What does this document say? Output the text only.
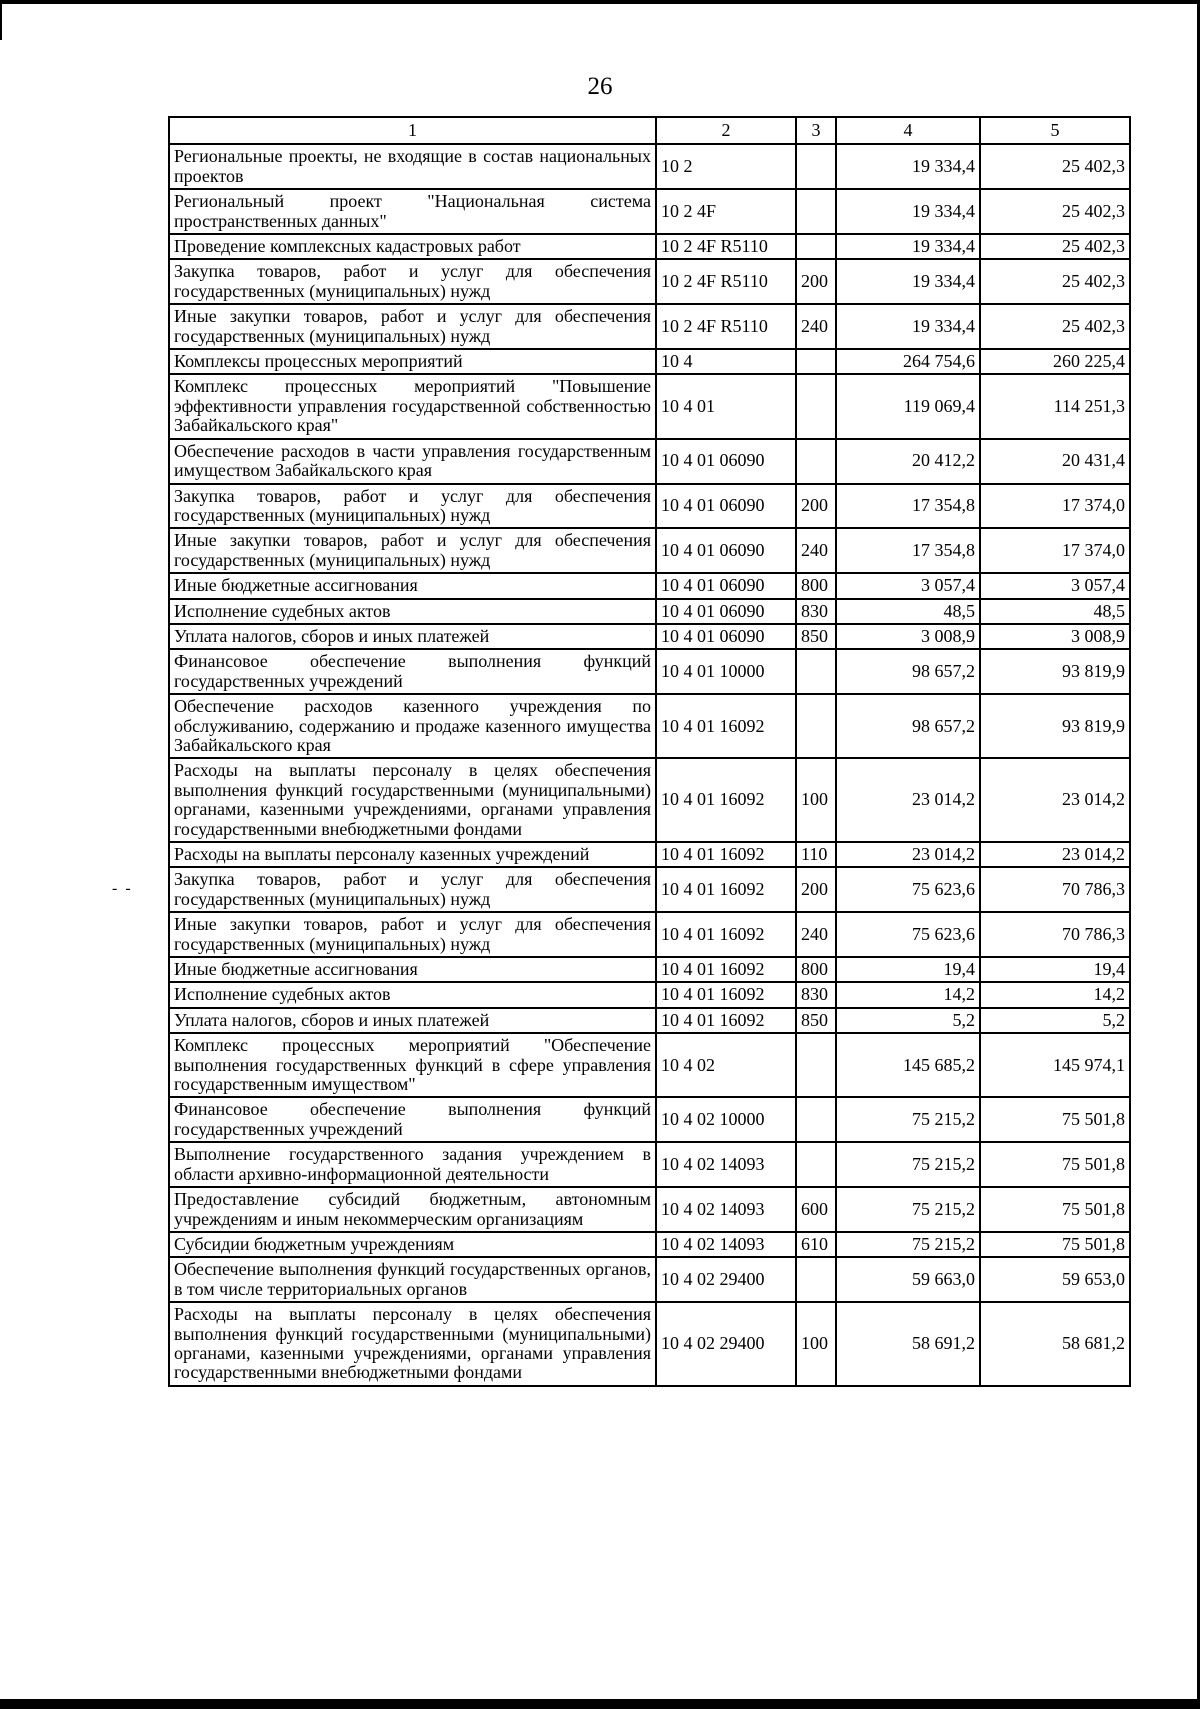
26
- -
1	2	3	4	5
Региональные проекты, не входящие в состав национальных проектов	10 2		19 334,4	25 402,3
Региональный проект "Национальная система пространственных данных"	10 2 4F		19 334,4	25 402,3
Проведение комплексных кадастровых работ	10 2 4F R5110		19 334,4	25 402,3
Закупка товаров, работ и услуг для обеспечения государственных (муниципальных) нужд	10 2 4F R5110	200	19 334,4	25 402,3
Иные закупки товаров, работ и услуг для обеспечения государственных (муниципальных) нужд	10 2 4F R5110	240	19 334,4	25 402,3
Комплексы процессных мероприятий	10 4		264 754,6	260 225,4
Комплекс процессных мероприятий "Повышение эффективности управления государственной собственностью Забайкальского края"	10 4 01		119 069,4	114 251,3
Обеспечение расходов в части управления государственным имуществом Забайкальского края	10 4 01 06090		20 412,2	20 431,4
Закупка товаров, работ и услуг для обеспечения государственных (муниципальных) нужд	10 4 01 06090	200	17 354,8	17 374,0
Иные закупки товаров, работ и услуг для обеспечения государственных (муниципальных) нужд	10 4 01 06090	240	17 354,8	17 374,0
Иные бюджетные ассигнования	10 4 01 06090	800	3 057,4	3 057,4
Исполнение судебных актов	10 4 01 06090	830	48,5	48,5
Уплата налогов, сборов и иных платежей	10 4 01 06090	850	3 008,9	3 008,9
Финансовое обеспечение выполнения функций государственных учреждений	10 4 01 10000		98 657,2	93 819,9
Обеспечение расходов казенного учреждения по обслуживанию, содержанию и продаже казенного имущества Забайкальского края	10 4 01 16092		98 657,2	93 819,9
Расходы на выплаты персоналу в целях обеспечения выполнения функций государственными (муниципальными) органами, казенными учреждениями, органами управления государственными внебюджетными фондами	10 4 01 16092	100	23 014,2	23 014,2
Расходы на выплаты персоналу казенных учреждений	10 4 01 16092	110	23 014,2	23 014,2
Закупка товаров, работ и услуг для обеспечения государственных (муниципальных) нужд	10 4 01 16092	200	75 623,6	70 786,3
Иные закупки товаров, работ и услуг для обеспечения государственных (муниципальных) нужд	10 4 01 16092	240	75 623,6	70 786,3
Иные бюджетные ассигнования	10 4 01 16092	800	19,4	19,4
Исполнение судебных актов	10 4 01 16092	830	14,2	14,2
Уплата налогов, сборов и иных платежей	10 4 01 16092	850	5,2	5,2
Комплекс процессных мероприятий "Обеспечение выполнения государственных функций в сфере управления государственным имуществом"	10 4 02		145 685,2	145 974,1
Финансовое обеспечение выполнения функций государственных учреждений	10 4 02 10000		75 215,2	75 501,8
Выполнение государственного задания учреждением в области архивно-информационной деятельности	10 4 02 14093		75 215,2	75 501,8
Предоставление субсидий бюджетным, автономным учреждениям и иным некоммерческим организациям	10 4 02 14093	600	75 215,2	75 501,8
Субсидии бюджетным учреждениям	10 4 02 14093	610	75 215,2	75 501,8
Обеспечение выполнения функций государственных органов, в том числе территориальных органов	10 4 02 29400		59 663,0	59 653,0
Расходы на выплаты персоналу в целях обеспечения выполнения функций государственными (муниципальными) органами, казенными учреждениями, органами управления государственными внебюджетными фондами	10 4 02 29400	100	58 691,2	58 681,2
